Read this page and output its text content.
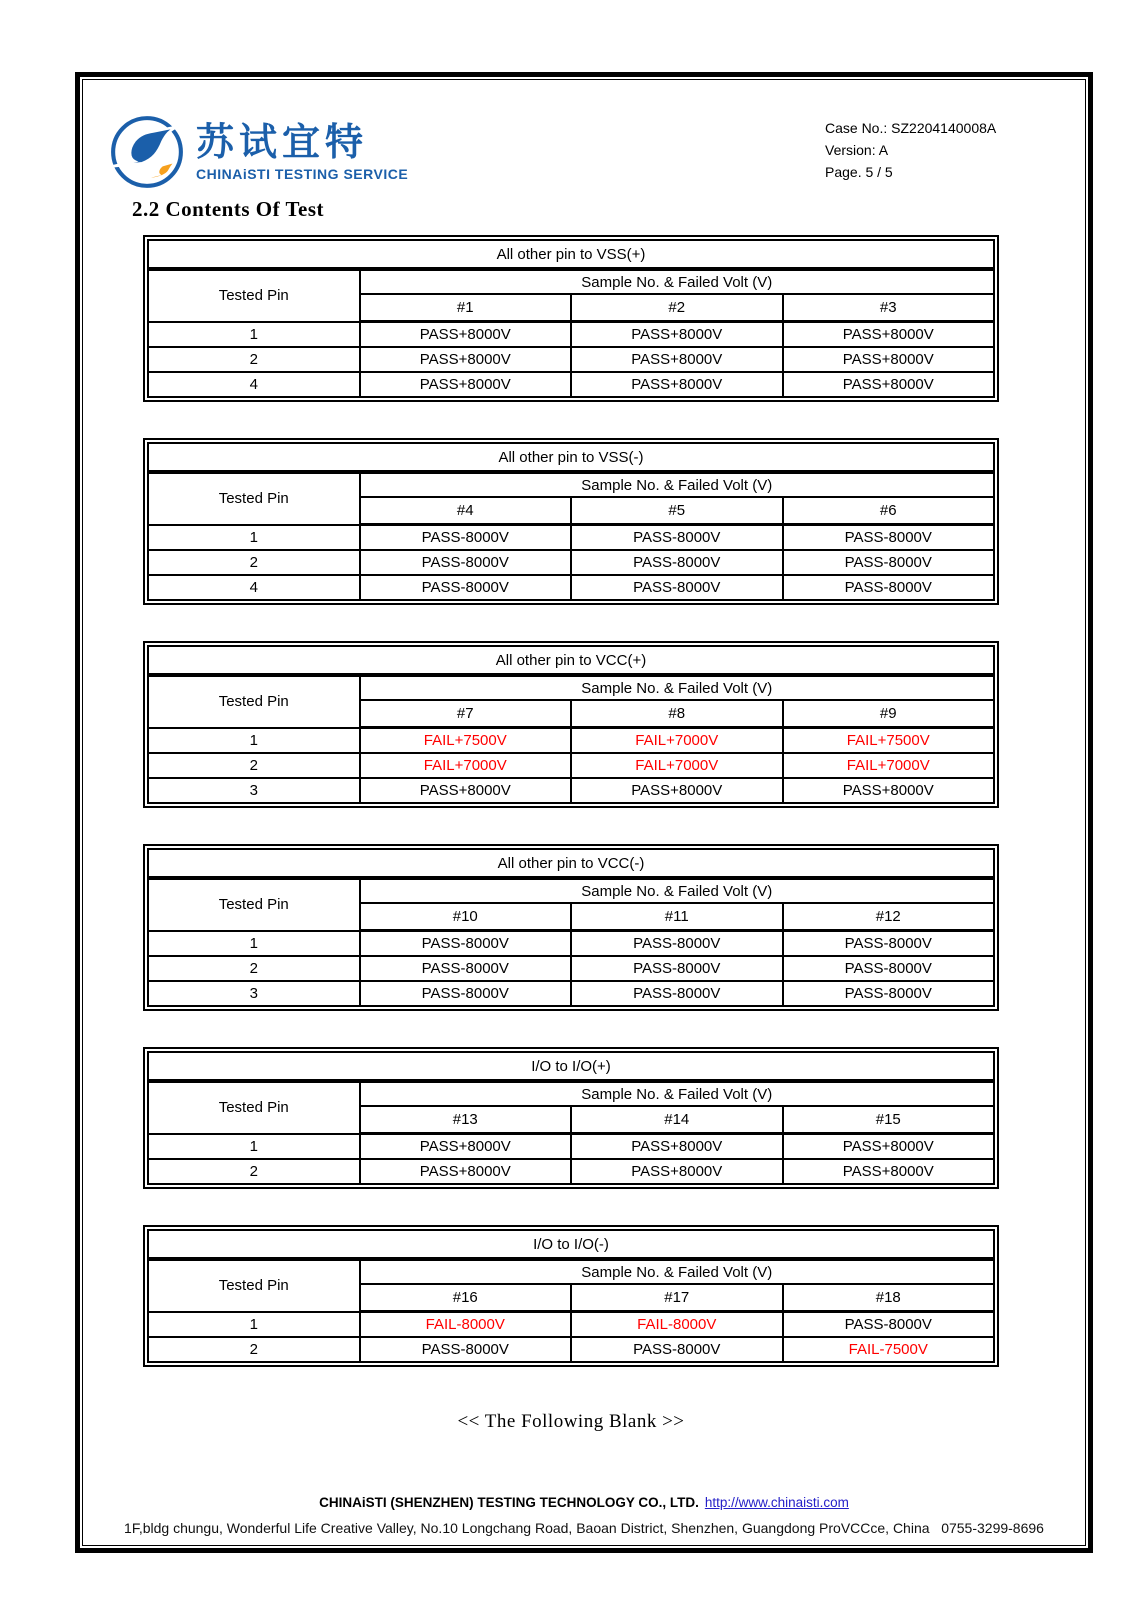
苏试宜特
CHINAiSTI TESTING SERVICE
Case No.: SZ2204140008A
Version: A
Page. 5 / 5
2.2 Contents Of Test
All other pin to VSS(+)			
Tested Pin	Sample No. & Failed Volt (V)		
	#1	#2	#3
1	PASS+8000V	PASS+8000V	PASS+8000V
2	PASS+8000V	PASS+8000V	PASS+8000V
4	PASS+8000V	PASS+8000V	PASS+8000V
All other pin to VSS(-)			
Tested Pin	Sample No. & Failed Volt (V)		
	#4	#5	#6
1	PASS-8000V	PASS-8000V	PASS-8000V
2	PASS-8000V	PASS-8000V	PASS-8000V
4	PASS-8000V	PASS-8000V	PASS-8000V
All other pin to VCC(+)			
Tested Pin	Sample No. & Failed Volt (V)		
	#7	#8	#9
1	FAIL+7500V	FAIL+7000V	FAIL+7500V
2	FAIL+7000V	FAIL+7000V	FAIL+7000V
3	PASS+8000V	PASS+8000V	PASS+8000V
All other pin to VCC(-)			
Tested Pin	Sample No. & Failed Volt (V)		
	#10	#11	#12
1	PASS-8000V	PASS-8000V	PASS-8000V
2	PASS-8000V	PASS-8000V	PASS-8000V
3	PASS-8000V	PASS-8000V	PASS-8000V
I/O to I/O(+)			
Tested Pin	Sample No. & Failed Volt (V)		
	#13	#14	#15
1	PASS+8000V	PASS+8000V	PASS+8000V
2	PASS+8000V	PASS+8000V	PASS+8000V
I/O to I/O(-)			
Tested Pin	Sample No. & Failed Volt (V)		
	#16	#17	#18
1	FAIL-8000V	FAIL-8000V	PASS-8000V
2	PASS-8000V	PASS-8000V	FAIL-7500V
<< The Following Blank >>
CHINAiSTI (SHENZHEN) TESTING TECHNOLOGY CO., LTD. http://www.chinaisti.com
1F,bldg chungu, Wonderful Life Creative Valley, No.10 Longchang Road, Baoan District, Shenzhen, Guangdong ProVCCce, China   0755-3299-8696
